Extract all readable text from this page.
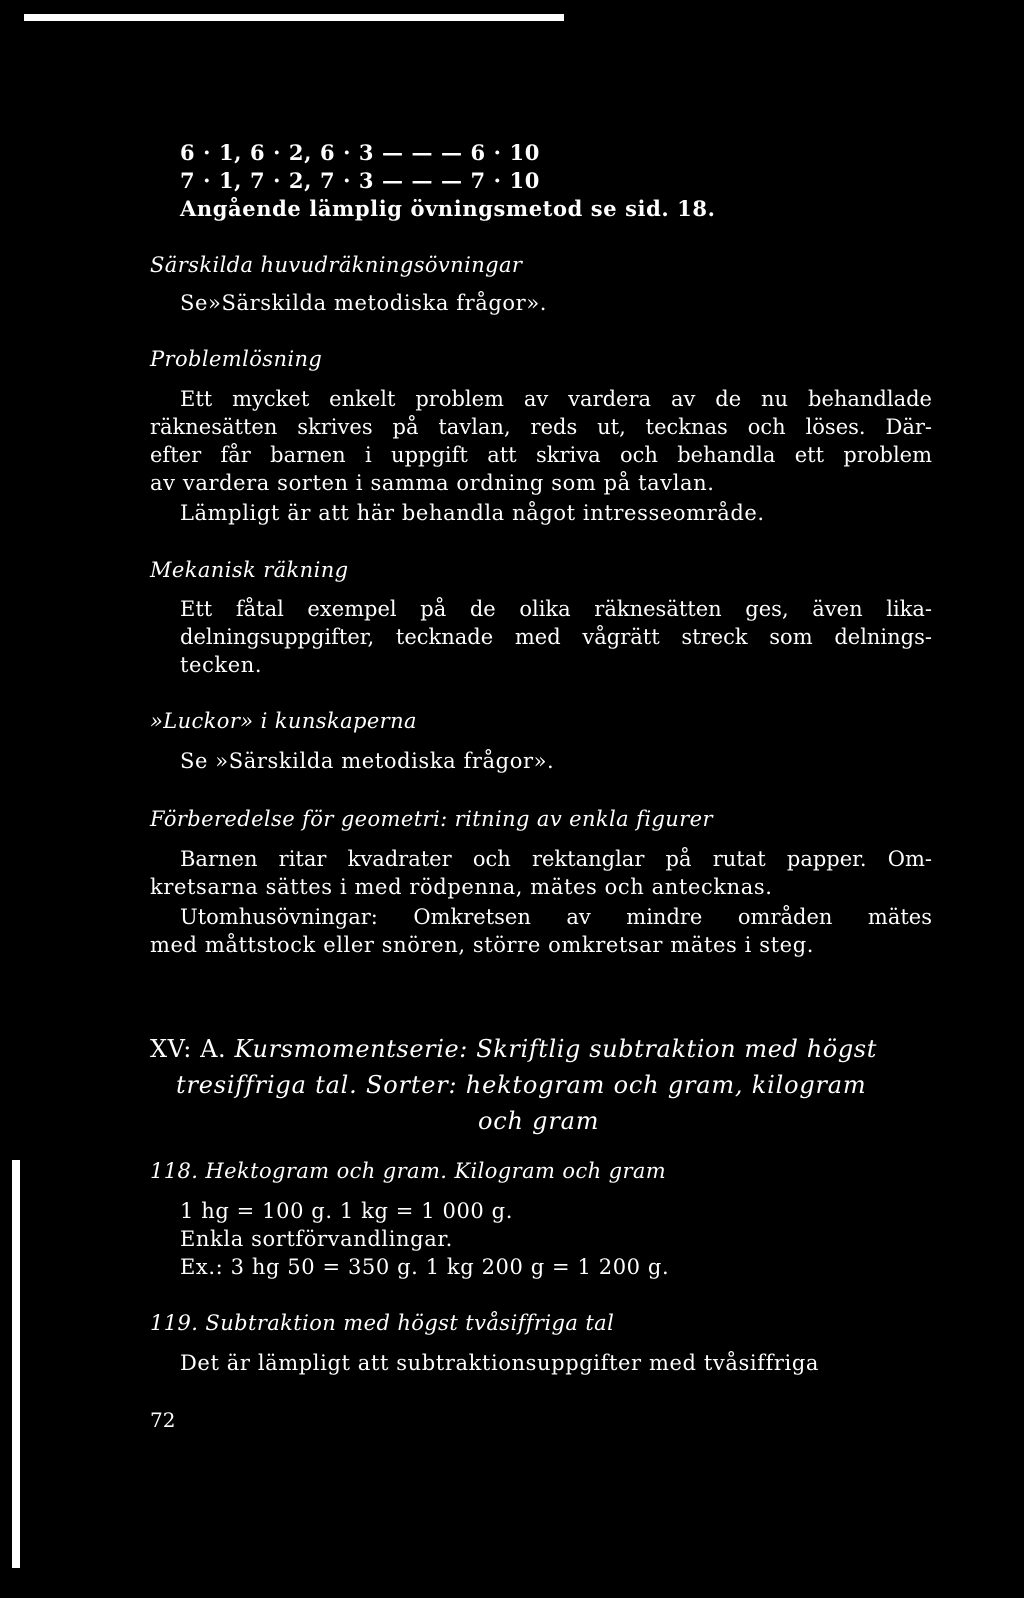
6 · 1, 6 · 2, 6 · 3 — — — 6 · 10
7 · 1, 7 · 2, 7 · 3 — — — 7 · 10
Angående lämplig övningsmetod se sid. 18.
Särskilda huvudräkningsövningar
Se»Särskilda metodiska frågor».
Problemlösning
Ett mycket enkelt problem av vardera av de nu behandlade
räknesätten skrives på tavlan, reds ut, tecknas och löses. Där-
efter får barnen i uppgift att skriva och behandla ett problem
av vardera sorten i samma ordning som på tavlan.
Lämpligt är att här behandla något intresseområde.
Mekanisk räkning
Ett fåtal exempel på de olika räknesätten ges, även lika-
delningsuppgifter, tecknade med vågrätt streck som delnings-
tecken.
»Luckor» i kunskaperna
Se »Särskilda metodiska frågor».
Förberedelse för geometri: ritning av enkla figurer
Barnen ritar kvadrater och rektanglar på rutat papper. Om-
kretsarna sättes i med rödpenna, mätes och antecknas.
Utomhusövningar: Omkretsen av mindre områden mätes
med måttstock eller snören, större omkretsar mätes i steg.
XV: A. Kursmomentserie: Skriftlig subtraktion med högst
tresiffriga tal. Sorter: hektogram och gram, kilogram
och gram
118. Hektogram och gram. Kilogram och gram
1 hg = 100 g. 1 kg = 1 000 g.
Enkla sortförvandlingar.
Ex.: 3 hg 50 = 350 g. 1 kg 200 g = 1 200 g.
119. Subtraktion med högst tvåsiffriga tal
Det är lämpligt att subtraktionsuppgifter med tvåsiffriga
72
